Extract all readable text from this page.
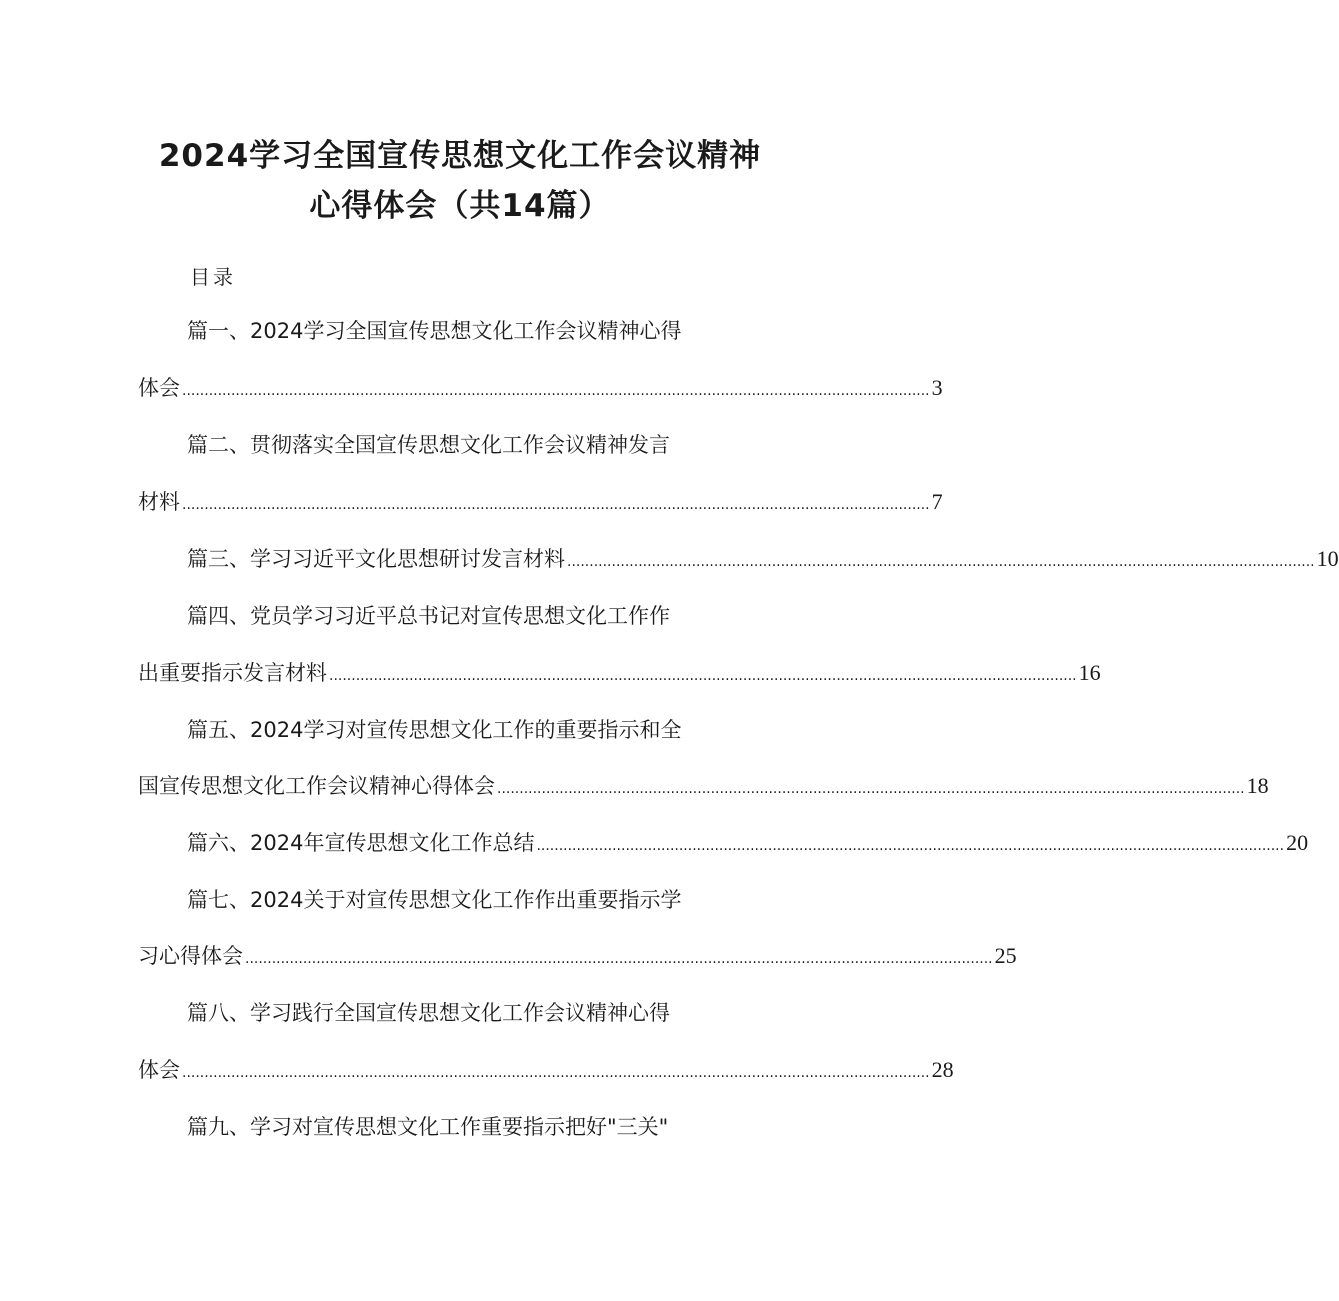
2024学习全国宣传思想文化工作会议精神
心得体会（共14篇）
目录
篇一、2024学习全国宣传思想文化工作会议精神心得
体会 ........................................................................................................................................................................ 3
篇二、贯彻落实全国宣传思想文化工作会议精神发言
材料 ........................................................................................................................................................................ 7
篇三、学习习近平文化思想研讨发言材料 ........................................................................................................................................................................ 10
篇四、党员学习习近平总书记对宣传思想文化工作作
出重要指示发言材料 ........................................................................................................................................................................ 16
篇五、2024学习对宣传思想文化工作的重要指示和全
国宣传思想文化工作会议精神心得体会 ........................................................................................................................................................................ 18
篇六、2024年宣传思想文化工作总结 ........................................................................................................................................................................ 20
篇七、2024关于对宣传思想文化工作作出重要指示学
习心得体会 ........................................................................................................................................................................ 25
篇八、学习践行全国宣传思想文化工作会议精神心得
体会 ........................................................................................................................................................................ 28
篇九、学习对宣传思想文化工作重要指示把好"三关"
